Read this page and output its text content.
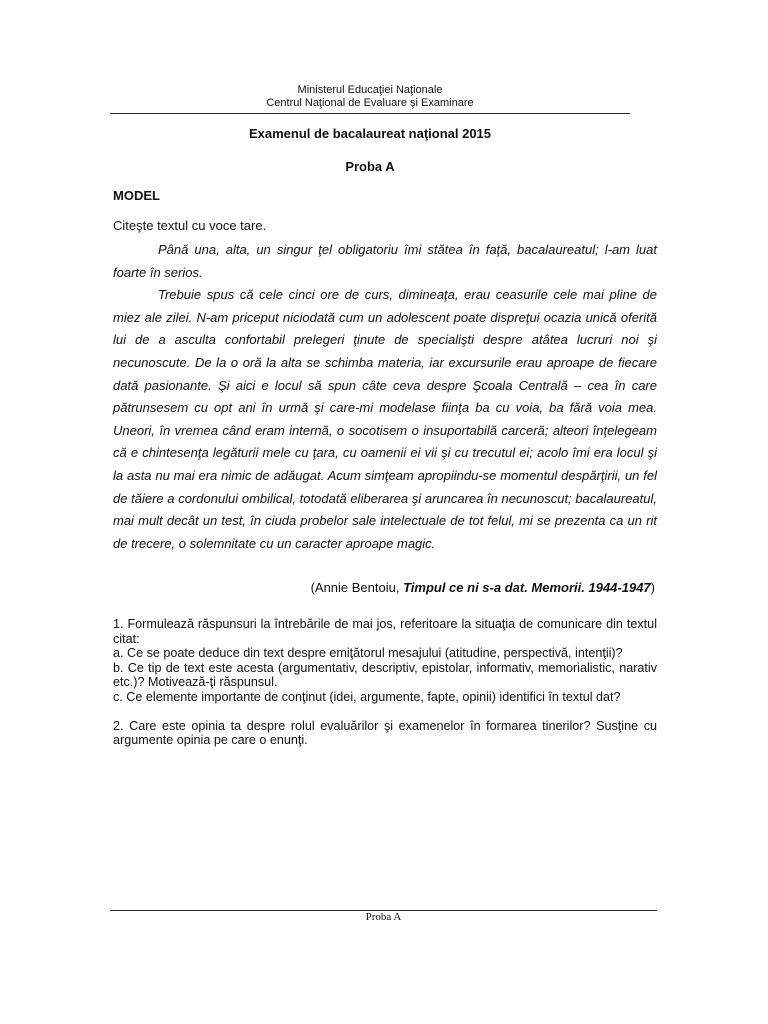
Ministerul Educaţiei Naţionale
Centrul Naţional de Evaluare şi Examinare
Examenul de bacalaureat naţional 2015
Proba A
MODEL
Citeşte textul cu voce tare.

Până una, alta, un singur ţel obligatoriu îmi stătea în faţă, bacalaureatul; l-am luat foarte în serios.

Trebuie spus că cele cinci ore de curs, dimineaţa, erau ceasurile cele mai pline de miez ale zilei. N-am priceput niciodată cum un adolescent poate dispreţui ocazia unică oferită lui de a asculta confortabil prelegeri ţinute de specialişti despre atâtea lucruri noi şi necunoscute. De la o oră la alta se schimba materia, iar excursurile erau aproape de fiecare dată pasionante. Şi aici e locul să spun câte ceva despre Şcoala Centrală – cea în care pătrunsesem cu opt ani în urmă şi care-mi modelase fiinţa ba cu voia, ba fără voia mea. Uneori, în vremea când eram internă, o socotisem o insuportabilă carceră; alteori înţelegeam că e chintesenţa legăturii mele cu ţara, cu oamenii ei vii şi cu trecutul ei; acolo îmi era locul şi la asta nu mai era nimic de adăugat. Acum simţeam apropiindu-se momentul despărţirii, un fel de tăiere a cordonului ombilical, totodată eliberarea şi aruncarea în necunoscut; bacalaureatul, mai mult decât un test, în ciuda probelor sale intelectuale de tot felul, mi se prezenta ca un rit de trecere, o solemnitate cu un caracter aproape magic.

(Annie Bentoiu, Timpul ce ni s-a dat. Memorii. 1944-1947)

1. Formulează răspunsuri la întrebările de mai jos, referitoare la situaţia de comunicare din textul citat:

a. Ce se poate deduce din text despre emiţătorul mesajului (atitudine, perspectivă, intenţii)?

b. Ce tip de text este acesta (argumentativ, descriptiv, epistolar, informativ, memorialistic, narativ etc.)? Motivează-ţi răspunsul.

c. Ce elemente importante de conţinut (idei, argumente, fapte, opinii) identifici în textul dat?

2. Care este opinia ta despre rolul evaluărilor şi examenelor în formarea tinerilor? Susţine cu argumente opinia pe care o enunţi.

Proba A
